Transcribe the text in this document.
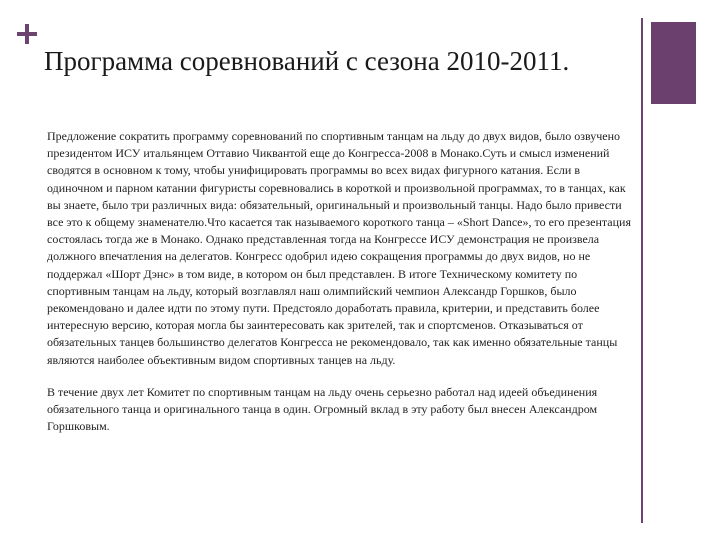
Программа соревнований с сезона 2010-2011.

Предложение сократить программу соревнований по спортивным танцам на льду до двух видов, было озвучено президентом ИСУ итальянцем Оттавио Чиквантой еще до Конгресса-2008 в Монако.Суть и смысл изменений сводятся в основном к тому, чтобы унифицировать программы во всех видах фигурного катания. Если в одиночном и парном катании фигуристы соревновались в короткой и произвольной программах, то в танцах, как вы знаете, было три различных вида: обязательный, оригинальный и произвольный танцы. Надо было привести все это к общему знаменателю.Что касается так называемого короткого танца – «Short Dance», то его презентация состоялась тогда же в Монако. Однако представленная тогда на Конгрессе ИСУ демонстрация не произвела должного впечатления на делегатов. Конгресс одобрил идею сокращения программы до двух видов, но не поддержал «Шорт Дэнс» в том виде, в котором он был представлен. В итоге Техническому комитету по спортивным танцам на льду, который возглавлял наш олимпийский чемпион Александр Горшков, было рекомендовано и далее идти по этому пути. Предстояло доработать правила, критерии, и представить более интересную версию, которая могла бы заинтересовать как зрителей, так и спортсменов. Отказываться от обязательных танцев большинство делегатов Конгресса не рекомендовало, так как именно обязательные танцы являются наиболее объективным видом спортивных танцев на льду.

В течение двух лет Комитет по спортивным танцам на льду очень серьезно работал над идеей объединения обязательного танца и оригинального танца в один. Огромный вклад в эту работу был внесен Александром Горшковым.
